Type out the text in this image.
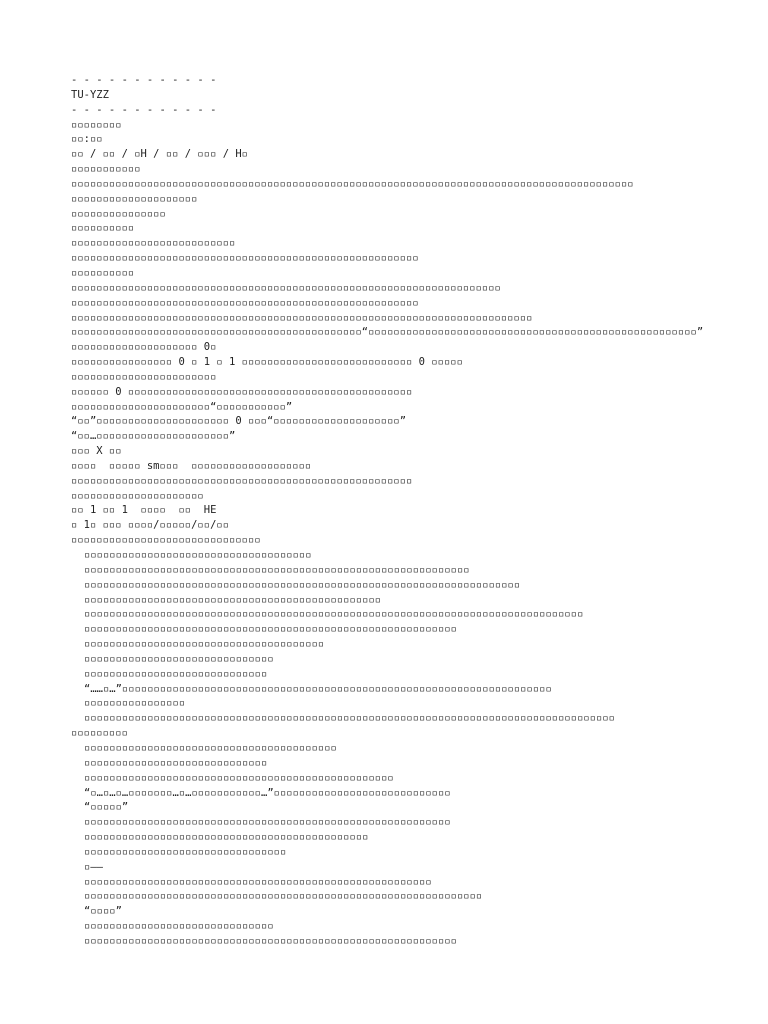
- - - - - - - - - - - -
TU-YZZ
- - - - - - - - - - - -
▫▫▫▫▫▫▫▫
▫▫:▫▫
▫▫ / ▫▫ / ▫H / ▫▫ / ▫▫▫ / H▫
▫▫▫▫▫▫▫▫▫▫▫
▫▫▫▫▫▫▫▫▫▫▫▫▫▫▫▫▫▫▫▫▫▫▫▫▫▫▫▫▫▫▫▫▫▫▫▫▫▫▫▫▫▫▫▫▫▫▫▫▫▫▫▫▫▫▫▫▫▫▫▫▫▫▫▫▫▫▫▫▫▫▫▫▫▫▫▫▫▫▫▫▫▫▫▫▫▫▫▫▫
▫▫▫▫▫▫▫▫▫▫▫▫▫▫▫▫▫▫▫▫
▫▫▫▫▫▫▫▫▫▫▫▫▫▫▫
▫▫▫▫▫▫▫▫▫▫
▫▫▫▫▫▫▫▫▫▫▫▫▫▫▫▫▫▫▫▫▫▫▫▫▫▫
▫▫▫▫▫▫▫▫▫▫▫▫▫▫▫▫▫▫▫▫▫▫▫▫▫▫▫▫▫▫▫▫▫▫▫▫▫▫▫▫▫▫▫▫▫▫▫▫▫▫▫▫▫▫▫
▫▫▫▫▫▫▫▫▫▫
▫▫▫▫▫▫▫▫▫▫▫▫▫▫▫▫▫▫▫▫▫▫▫▫▫▫▫▫▫▫▫▫▫▫▫▫▫▫▫▫▫▫▫▫▫▫▫▫▫▫▫▫▫▫▫▫▫▫▫▫▫▫▫▫▫▫▫▫
▫▫▫▫▫▫▫▫▫▫▫▫▫▫▫▫▫▫▫▫▫▫▫▫▫▫▫▫▫▫▫▫▫▫▫▫▫▫▫▫▫▫▫▫▫▫▫▫▫▫▫▫▫▫▫
▫▫▫▫▫▫▫▫▫▫▫▫▫▫▫▫▫▫▫▫▫▫▫▫▫▫▫▫▫▫▫▫▫▫▫▫▫▫▫▫▫▫▫▫▫▫▫▫▫▫▫▫▫▫▫▫▫▫▫▫▫▫▫▫▫▫▫▫▫▫▫▫▫
▫▫▫▫▫▫▫▫▫▫▫▫▫▫▫▫▫▫▫▫▫▫▫▫▫▫▫▫▫▫▫▫▫▫▫▫▫▫▫▫▫▫▫▫▫▫“▫▫▫▫▫▫▫▫▫▫▫▫▫▫▫▫▫▫▫▫▫▫▫▫▫▫▫▫▫▫▫▫▫▫▫▫▫▫▫▫▫▫▫▫▫▫▫▫▫▫▫▫”
▫▫▫▫▫▫▫▫▫▫▫▫▫▫▫▫▫▫▫▫ 0▫
▫▫▫▫▫▫▫▫▫▫▫▫▫▫▫▫ 0 ▫ 1 ▫ 1 ▫▫▫▫▫▫▫▫▫▫▫▫▫▫▫▫▫▫▫▫▫▫▫▫▫▫▫ 0 ▫▫▫▫▫
▫▫▫▫▫▫▫▫▫▫▫▫▫▫▫▫▫▫▫▫▫▫▫
▫▫▫▫▫▫ 0 ▫▫▫▫▫▫▫▫▫▫▫▫▫▫▫▫▫▫▫▫▫▫▫▫▫▫▫▫▫▫▫▫▫▫▫▫▫▫▫▫▫▫▫▫▫
▫▫▫▫▫▫▫▫▫▫▫▫▫▫▫▫▫▫▫▫▫▫“▫▫▫▫▫▫▫▫▫▫▫”
“▫▫”▫▫▫▫▫▫▫▫▫▫▫▫▫▫▫▫▫▫▫▫▫ 0 ▫▫▫“▫▫▫▫▫▫▫▫▫▫▫▫▫▫▫▫▫▫▫▫”
“▫▫…▫▫▫▫▫▫▫▫▫▫▫▫▫▫▫▫▫▫▫▫▫”
▫▫▫ X ▫▫
▫▫▫▫  ▫▫▫▫▫ sm▫▫▫  ▫▫▫▫▫▫▫▫▫▫▫▫▫▫▫▫▫▫▫
▫▫▫▫▫▫▫▫▫▫▫▫▫▫▫▫▫▫▫▫▫▫▫▫▫▫▫▫▫▫▫▫▫▫▫▫▫▫▫▫▫▫▫▫▫▫▫▫▫▫▫▫▫▫
▫▫▫▫▫▫▫▫▫▫▫▫▫▫▫▫▫▫▫▫▫
▫▫ 1 ▫▫ 1  ▫▫▫▫  ▫▫  HE
▫ 1▫ ▫▫▫ ▫▫▫▫/▫▫▫▫▫/▫▫/▫▫
▫▫▫▫▫▫▫▫▫▫▫▫▫▫▫▫▫▫▫▫▫▫▫▫▫▫▫▫▫▫
▫▫▫▫▫▫▫▫▫▫▫▫▫▫▫▫▫▫▫▫▫▫▫▫▫▫▫▫▫▫▫▫▫▫▫▫
▫▫▫▫▫▫▫▫▫▫▫▫▫▫▫▫▫▫▫▫▫▫▫▫▫▫▫▫▫▫▫▫▫▫▫▫▫▫▫▫▫▫▫▫▫▫▫▫▫▫▫▫▫▫▫▫▫▫▫▫▫
▫▫▫▫▫▫▫▫▫▫▫▫▫▫▫▫▫▫▫▫▫▫▫▫▫▫▫▫▫▫▫▫▫▫▫▫▫▫▫▫▫▫▫▫▫▫▫▫▫▫▫▫▫▫▫▫▫▫▫▫▫▫▫▫▫▫▫▫▫
▫▫▫▫▫▫▫▫▫▫▫▫▫▫▫▫▫▫▫▫▫▫▫▫▫▫▫▫▫▫▫▫▫▫▫▫▫▫▫▫▫▫▫▫▫▫▫
▫▫▫▫▫▫▫▫▫▫▫▫▫▫▫▫▫▫▫▫▫▫▫▫▫▫▫▫▫▫▫▫▫▫▫▫▫▫▫▫▫▫▫▫▫▫▫▫▫▫▫▫▫▫▫▫▫▫▫▫▫▫▫▫▫▫▫▫▫▫▫▫▫▫▫▫▫▫▫
▫▫▫▫▫▫▫▫▫▫▫▫▫▫▫▫▫▫▫▫▫▫▫▫▫▫▫▫▫▫▫▫▫▫▫▫▫▫▫▫▫▫▫▫▫▫▫▫▫▫▫▫▫▫▫▫▫▫▫
▫▫▫▫▫▫▫▫▫▫▫▫▫▫▫▫▫▫▫▫▫▫▫▫▫▫▫▫▫▫▫▫▫▫▫▫▫▫
▫▫▫▫▫▫▫▫▫▫▫▫▫▫▫▫▫▫▫▫▫▫▫▫▫▫▫▫▫▫
▫▫▫▫▫▫▫▫▫▫▫▫▫▫▫▫▫▫▫▫▫▫▫▫▫▫▫▫▫
“……▫…”▫▫▫▫▫▫▫▫▫▫▫▫▫▫▫▫▫▫▫▫▫▫▫▫▫▫▫▫▫▫▫▫▫▫▫▫▫▫▫▫▫▫▫▫▫▫▫▫▫▫▫▫▫▫▫▫▫▫▫▫▫▫▫▫▫▫▫▫
▫▫▫▫▫▫▫▫▫▫▫▫▫▫▫▫
▫▫▫▫▫▫▫▫▫▫▫▫▫▫▫▫▫▫▫▫▫▫▫▫▫▫▫▫▫▫▫▫▫▫▫▫▫▫▫▫▫▫▫▫▫▫▫▫▫▫▫▫▫▫▫▫▫▫▫▫▫▫▫▫▫▫▫▫▫▫▫▫▫▫▫▫▫▫▫▫▫▫▫▫
▫▫▫▫▫▫▫▫▫
▫▫▫▫▫▫▫▫▫▫▫▫▫▫▫▫▫▫▫▫▫▫▫▫▫▫▫▫▫▫▫▫▫▫▫▫▫▫▫▫
▫▫▫▫▫▫▫▫▫▫▫▫▫▫▫▫▫▫▫▫▫▫▫▫▫▫▫▫▫
▫▫▫▫▫▫▫▫▫▫▫▫▫▫▫▫▫▫▫▫▫▫▫▫▫▫▫▫▫▫▫▫▫▫▫▫▫▫▫▫▫▫▫▫▫▫▫▫▫
“▫…▫…▫…▫▫▫▫▫▫▫…▫…▫▫▫▫▫▫▫▫▫▫▫…”▫▫▫▫▫▫▫▫▫▫▫▫▫▫▫▫▫▫▫▫▫▫▫▫▫▫▫▫
“▫▫▫▫▫”
▫▫▫▫▫▫▫▫▫▫▫▫▫▫▫▫▫▫▫▫▫▫▫▫▫▫▫▫▫▫▫▫▫▫▫▫▫▫▫▫▫▫▫▫▫▫▫▫▫▫▫▫▫▫▫▫▫▫
▫▫▫▫▫▫▫▫▫▫▫▫▫▫▫▫▫▫▫▫▫▫▫▫▫▫▫▫▫▫▫▫▫▫▫▫▫▫▫▫▫▫▫▫▫
▫▫▫▫▫▫▫▫▫▫▫▫▫▫▫▫▫▫▫▫▫▫▫▫▫▫▫▫▫▫▫▫
▫——
▫▫▫▫▫▫▫▫▫▫▫▫▫▫▫▫▫▫▫▫▫▫▫▫▫▫▫▫▫▫▫▫▫▫▫▫▫▫▫▫▫▫▫▫▫▫▫▫▫▫▫▫▫▫▫
▫▫▫▫▫▫▫▫▫▫▫▫▫▫▫▫▫▫▫▫▫▫▫▫▫▫▫▫▫▫▫▫▫▫▫▫▫▫▫▫▫▫▫▫▫▫▫▫▫▫▫▫▫▫▫▫▫▫▫▫▫▫▫
“▫▫▫▫”
▫▫▫▫▫▫▫▫▫▫▫▫▫▫▫▫▫▫▫▫▫▫▫▫▫▫▫▫▫▫
▫▫▫▫▫▫▫▫▫▫▫▫▫▫▫▫▫▫▫▫▫▫▫▫▫▫▫▫▫▫▫▫▫▫▫▫▫▫▫▫▫▫▫▫▫▫▫▫▫▫▫▫▫▫▫▫▫▫▫
